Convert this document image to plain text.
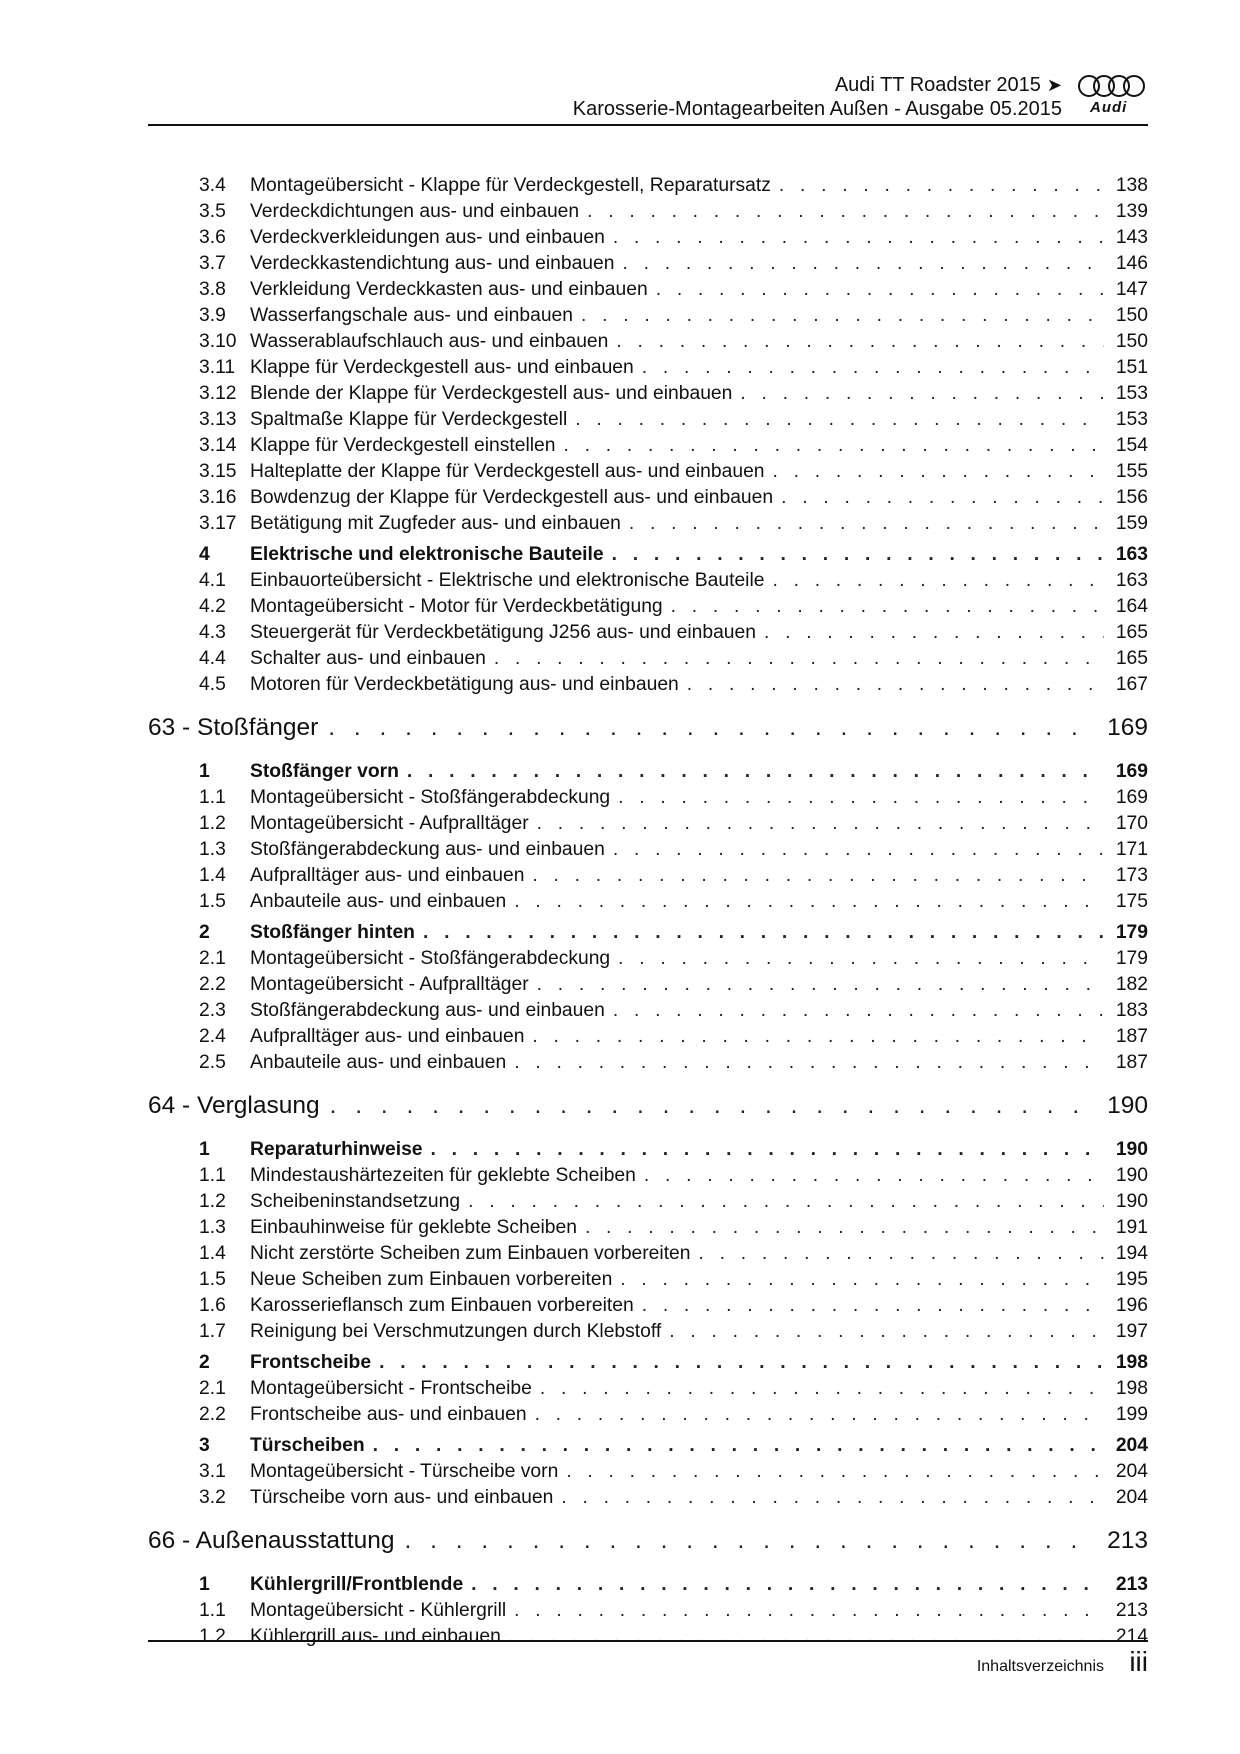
Audi TT Roadster 2015 ➤
Karosserie-Montagearbeiten Außen - Ausgabe 05.2015 Audi
3.4	Montageübersicht - Klappe für Verdeckgestell, Reparatursatz . . .	138
3.5	Verdeckdichtungen aus- und einbauen . . .	139
3.6	Verdeckverkleidungen aus- und einbauen . . .	143
3.7	Verdeckkastendichtung aus- und einbauen . . .	146
3.8	Verkleidung Verdeckkasten aus- und einbauen . . .	147
3.9	Wasserfangschale aus- und einbauen . . .	150
3.10 Wasserablaufschlauch aus- und einbauen . . .	150
3.11 Klappe für Verdeckgestell aus- und einbauen . . .	151
3.12 Blende der Klappe für Verdeckgestell aus- und einbauen . . .	153
3.13 Spaltmaße Klappe für Verdeckgestell . . .	153
3.14 Klappe für Verdeckgestell einstellen . . .	154
3.15 Halteplatte der Klappe für Verdeckgestell aus- und einbauen . . .	155
3.16 Bowdenzug der Klappe für Verdeckgestell aus- und einbauen . . .	156
3.17 Betätigung mit Zugfeder aus- und einbauen . . .	159
4	Elektrische und elektronische Bauteile . . .	163
4.1	Einbauorteübersicht - Elektrische und elektronische Bauteile . . .	163
4.2	Montageübersicht - Motor für Verdeckbetätigung . . .	164
4.3	Steuergerät für Verdeckbetätigung J256 aus- und einbauen . . .	165
4.4	Schalter aus- und einbauen . . .	165
4.5	Motoren für Verdeckbetätigung aus- und einbauen . . .	167
63 - Stoßfänger . . .	169
1	Stoßfänger vorn . . .	169
1.1	Montageübersicht - Stoßfängerabdeckung . . .	169
1.2	Montageübersicht - Aufpralltäger . . .	170
1.3	Stoßfängerabdeckung aus- und einbauen . . .	171
1.4	Aufpralltäger aus- und einbauen . . .	173
1.5	Anbauteile aus- und einbauen . . .	175
2	Stoßfänger hinten . . .	179
2.1	Montageübersicht - Stoßfängerabdeckung . . .	179
2.2	Montageübersicht - Aufpralltäger . . .	182
2.3	Stoßfängerabdeckung aus- und einbauen . . .	183
2.4	Aufpralltäger aus- und einbauen . . .	187
2.5	Anbauteile aus- und einbauen . . .	187
64 - Verglasung . . .	190
1	Reparaturhinweise . . .	190
1.1	Mindestaushärtezeiten für geklebte Scheiben . . .	190
1.2	Scheibeninstandsetzung . . .	190
1.3	Einbauhinweise für geklebte Scheiben . . .	191
1.4	Nicht zerstörte Scheiben zum Einbauen vorbereiten . . .	194
1.5	Neue Scheiben zum Einbauen vorbereiten . . .	195
1.6	Karosserieflansch zum Einbauen vorbereiten . . .	196
1.7	Reinigung bei Verschmutzungen durch Klebstoff . . .	197
2	Frontscheibe . . .	198
2.1	Montageübersicht - Frontscheibe . . .	198
2.2	Frontscheibe aus- und einbauen . . .	199
3	Türscheiben . . .	204
3.1	Montageübersicht - Türscheibe vorn . . .	204
3.2	Türscheibe vorn aus- und einbauen . . .	204
66 - Außenausstattung . . .	213
1	Kühlergrill/Frontblende . . .	213
1.1	Montageübersicht - Kühlergrill . . .	213
1.2	Kühlergrill aus- und einbauen . . .	214
Inhaltsverzeichnis iii
